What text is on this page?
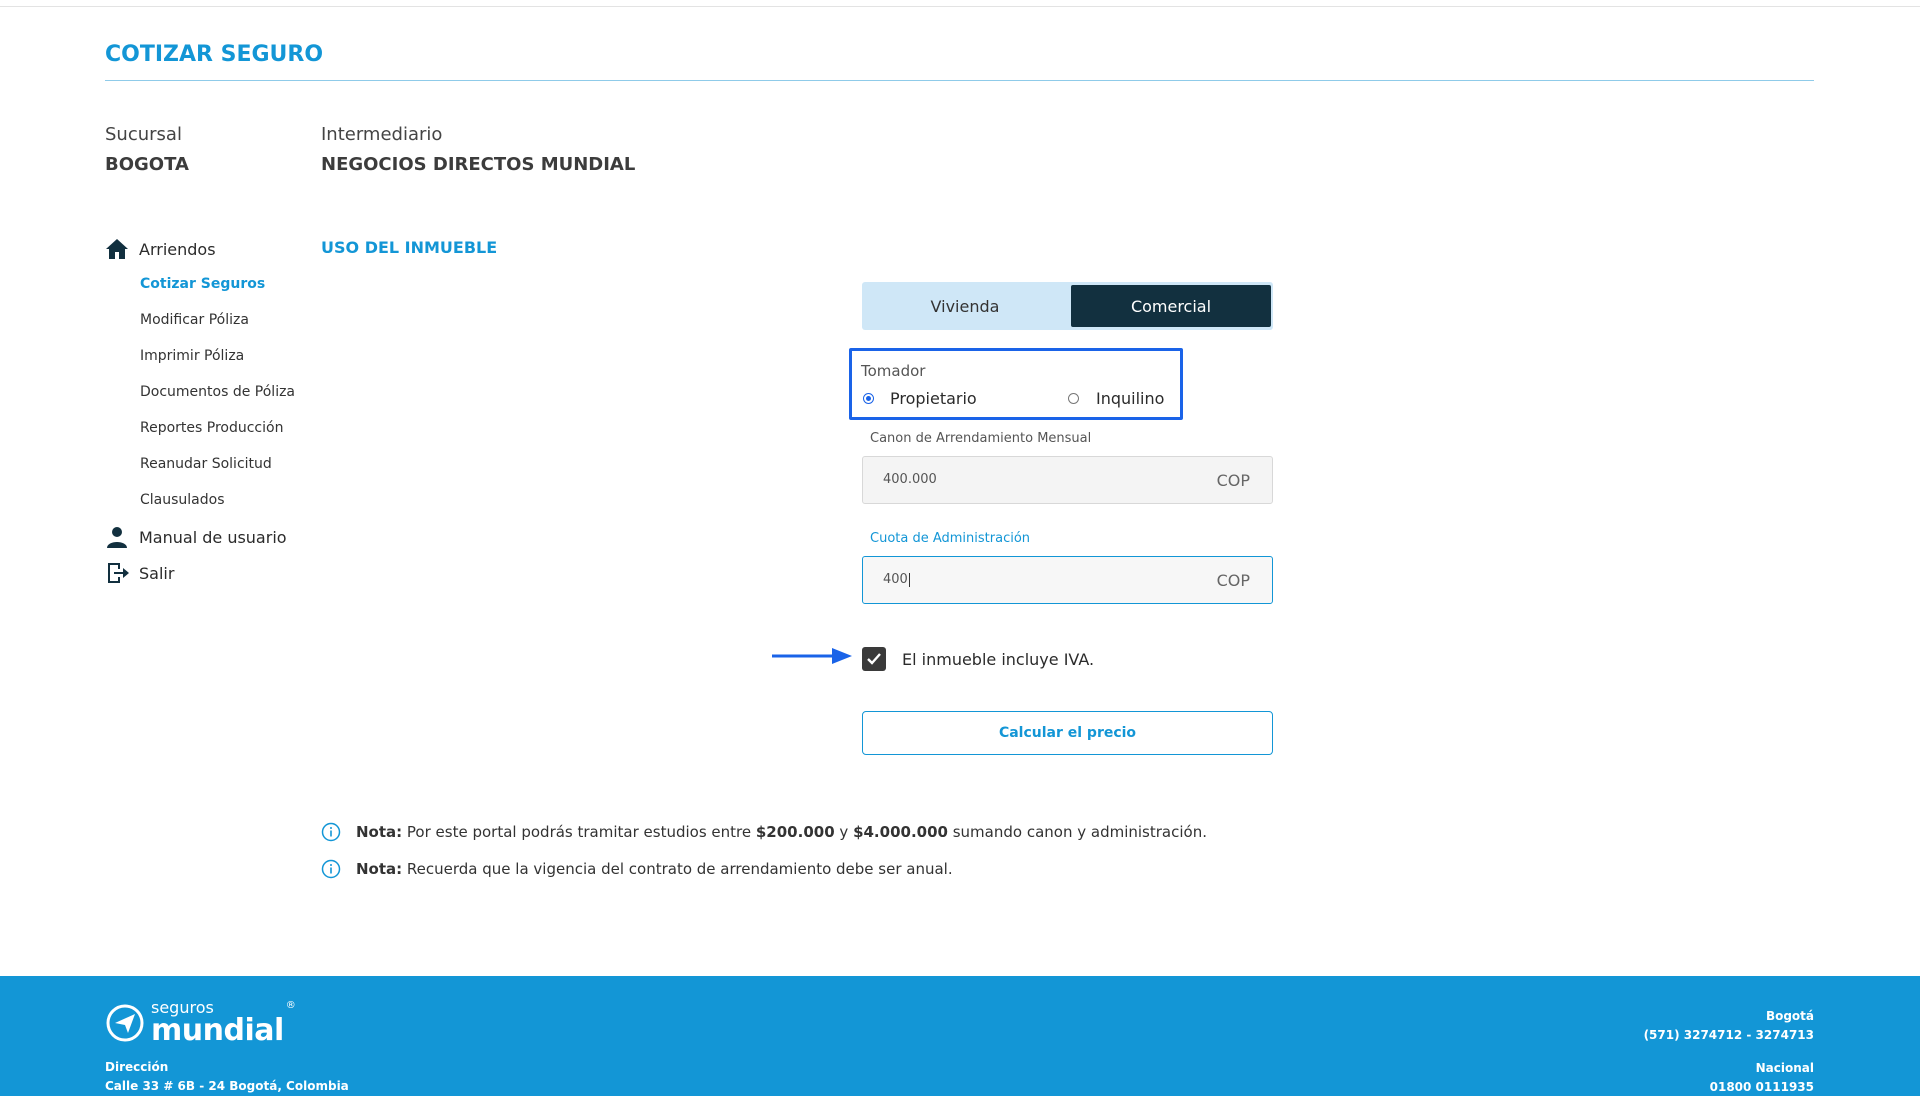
COTIZAR SEGURO
Sucursal
BOGOTA
Intermediario
NEGOCIOS DIRECTOS MUNDIAL
Arriendos
Cotizar Seguros
Modificar Póliza
Imprimir Póliza
Documentos de Póliza
Reportes Producción
Reanudar Solicitud
Clausulados
Manual de usuario
Salir
USO DEL INMUEBLE
Vivienda	Comercial
Tomador
Propietario	Inquilino
Canon de Arrendamiento Mensual
400.000	COP
Cuota de Administración
400	COP
El inmueble incluye IVA.
Calcular el precio
Nota: Por este portal podrás tramitar estudios entre $200.000 y $4.000.000 sumando canon y administración.
Nota: Recuerda que la vigencia del contrato de arrendamiento debe ser anual.
seguros
mundial
®
Dirección
Calle 33 # 6B - 24 Bogotá, Colombia
Bogotá
(571) 3274712 - 3274713
Nacional
01800 0111935
